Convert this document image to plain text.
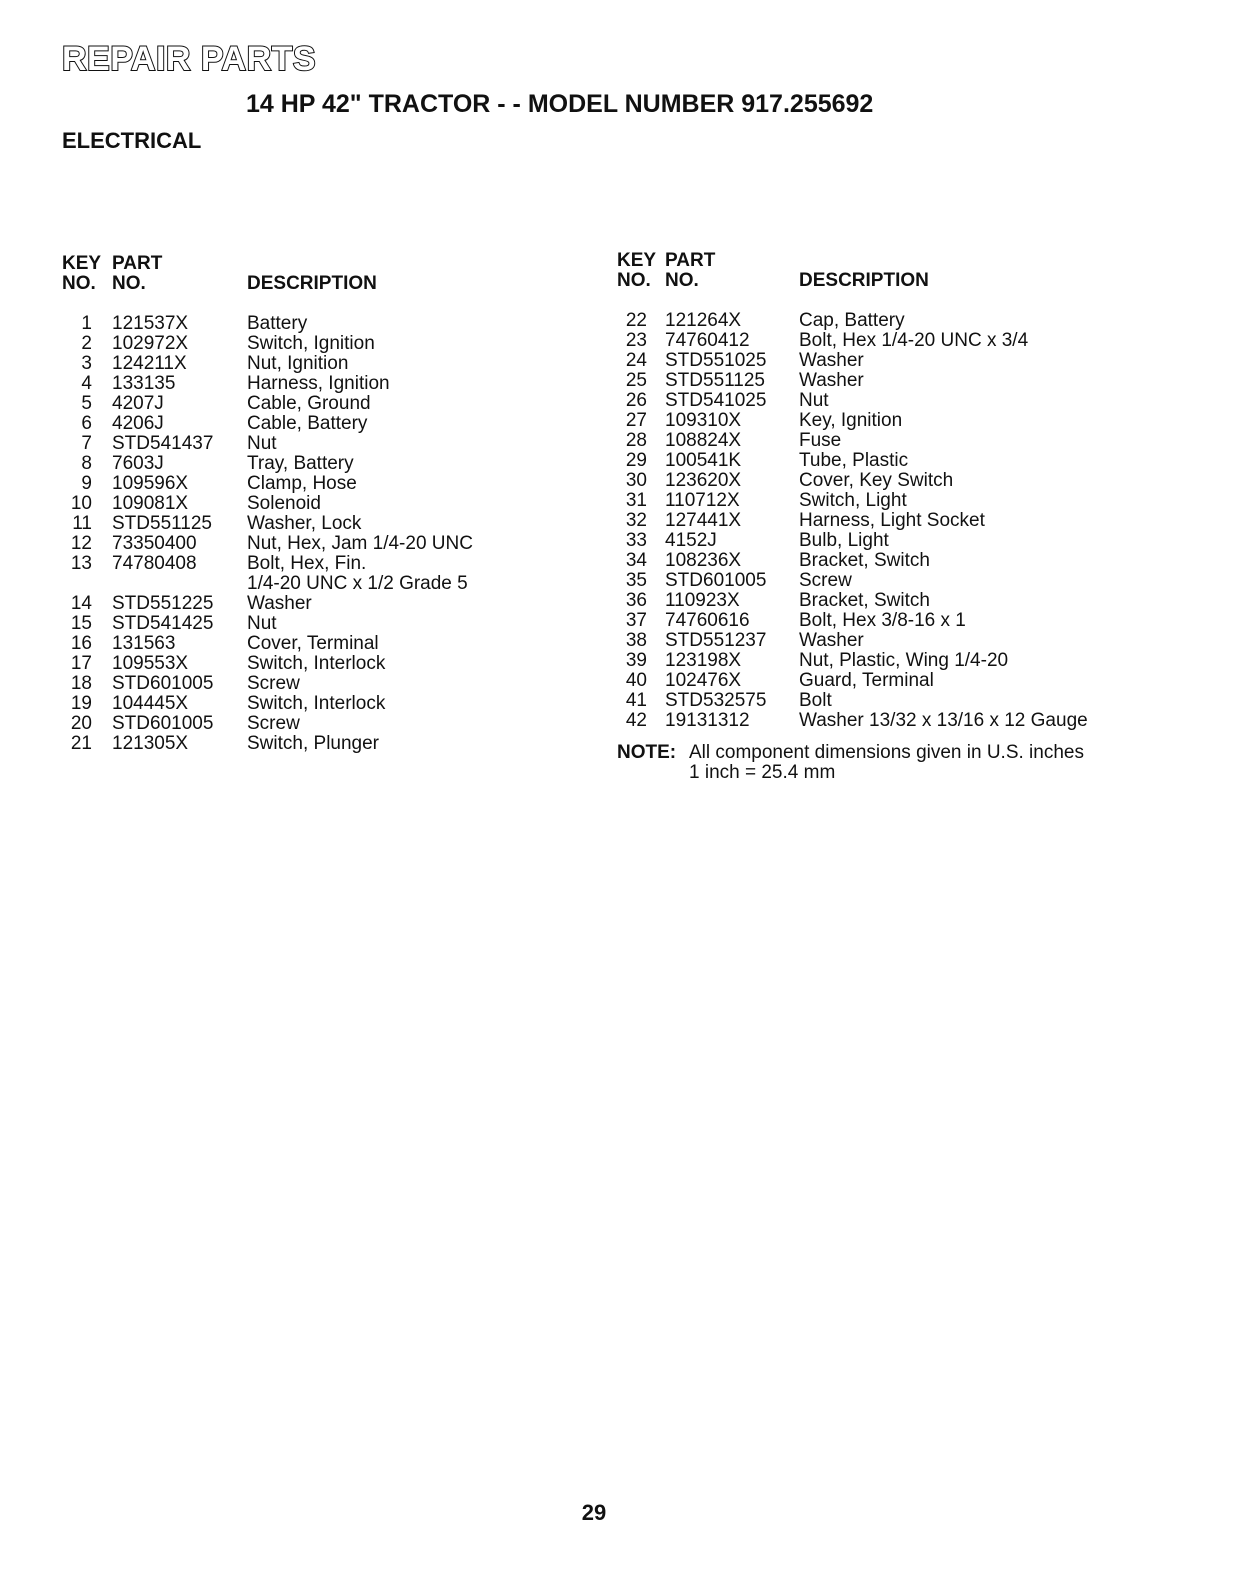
REPAIR PARTS
14 HP 42" TRACTOR - - MODEL NUMBER 917.255692
ELECTRICAL
KEY PART
NO. NO.	DESCRIPTION
1 121537X	Battery
2 102972X	Switch, Ignition
3 124211X	Nut, Ignition
4 133135	Harness, Ignition
5 4207J	Cable, Ground
6 4206J	Cable, Battery
7 STD541437 Nut
8 7603J	Tray, Battery
9 109596X	Clamp, Hose
10 109081X	Solenoid
11 STD551125 Washer, Lock
12 73350400	Nut, Hex, Jam 1/4-20 UNC
13 74780408	Bolt, Hex, Fin.
1/4-20 UNC x 1/2 Grade 5
14 STD551225 Washer
15 STD541425 Nut
16 131563	Cover, Terminal
17 109553X	Switch, Interlock
18 STD601005 Screw
19 104445X	Switch, Interlock
20 STD601005 Screw
21 121305X	Switch, Plunger
KEY PART
NO. NO.	DESCRIPTION
22 121264X	Cap, Battery
23 74760412	Bolt, Hex 1/4-20 UNC x 3/4
24 STD551025 Washer
25 STD551125 Washer
26 STD541025 Nut
27 109310X	Key, Ignition
28 108824X	Fuse
29 100541K	Tube, Plastic
30 123620X	Cover, Key Switch
31 110712X	Switch, Light
32 127441X	Harness, Light Socket
33 4152J	Bulb, Light
34 108236X	Bracket, Switch
35 STD601005 Screw
36 110923X	Bracket, Switch
37 74760616	Bolt, Hex 3/8-16 x 1
38 STD551237 Washer
39 123198X	Nut, Plastic, Wing 1/4-20
40 102476X	Guard, Terminal
41 STD532575 Bolt
42 19131312	Washer 13/32 x 13/16 x 12 Gauge
NOTE: All component dimensions given in U.S. inches
1 inch = 25.4 mm
29
